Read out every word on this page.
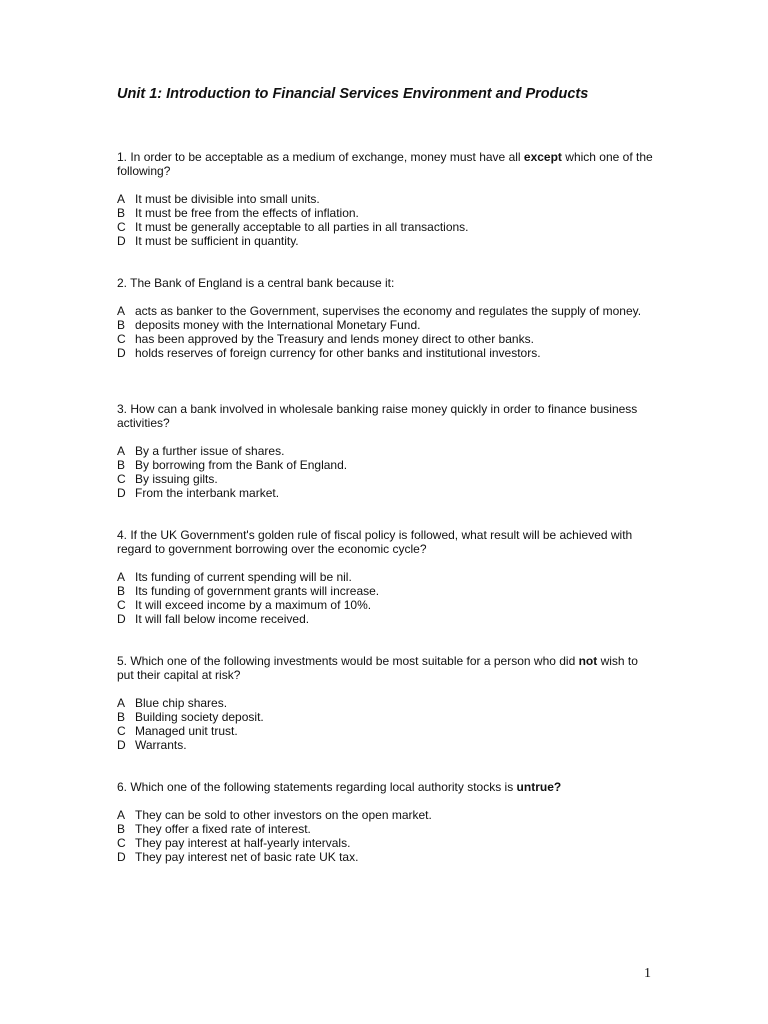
Unit 1: Introduction to Financial Services Environment and Products

1. In order to be acceptable as a medium of exchange, money must have all except which one of the following?

A It must be divisible into small units.
B It must be free from the effects of inflation.
C It must be generally acceptable to all parties in all transactions.
D It must be sufficient in quantity.

2. The Bank of England is a central bank because it:

A acts as banker to the Government, supervises the economy and regulates the supply of money.
B deposits money with the International Monetary Fund.
C has been approved by the Treasury and lends money direct to other banks.
D holds reserves of foreign currency for other banks and institutional investors.

3. How can a bank involved in wholesale banking raise money quickly in order to finance business activities?

A By a further issue of shares.
B By borrowing from the Bank of England.
C By issuing gilts.
D From the interbank market.

4. If the UK Government's golden rule of fiscal policy is followed, what result will be achieved with regard to government borrowing over the economic cycle?

A Its funding of current spending will be nil.
B Its funding of government grants will increase.
C It will exceed income by a maximum of 10%.
D It will fall below income received.

5. Which one of the following investments would be most suitable for a person who did not wish to put their capital at risk?

A Blue chip shares.
B Building society deposit.
C Managed unit trust.
D Warrants.

6. Which one of the following statements regarding local authority stocks is untrue?

A They can be sold to other investors on the open market.
B They offer a fixed rate of interest.
C They pay interest at half-yearly intervals.
D They pay interest net of basic rate UK tax.
1
